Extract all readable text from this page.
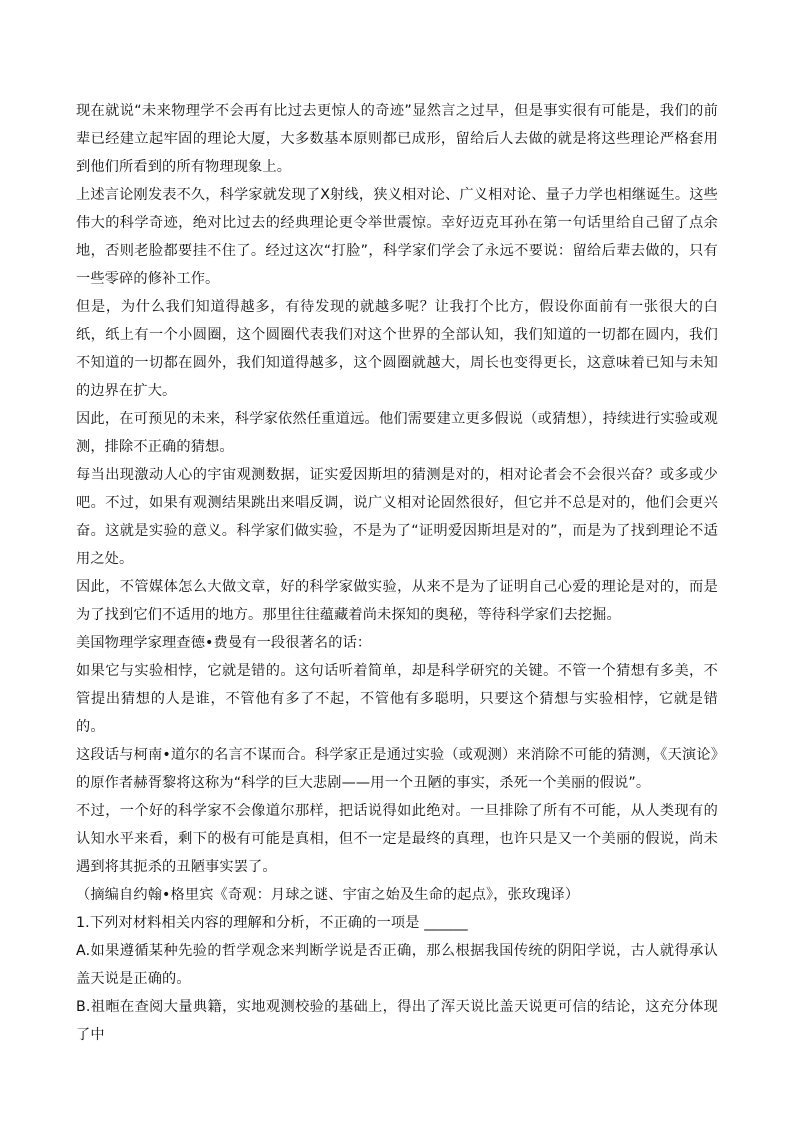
现在就说“未来物理学不会再有比过去更惊人的奇迹”显然言之过早，但是事实很有可能是，我们的前辈已经建立起牢固的理论大厦，大多数基本原则都已成形，留给后人去做的就是将这些理论严格套用到他们所看到的所有物理现象上。

上述言论刚发表不久，科学家就发现了X射线，狭义相对论、广义相对论、量子力学也相继诞生。这些伟大的科学奇迹，绝对比过去的经典理论更令举世震惊。幸好迈克耳孙在第一句话里给自己留了点余地，否则老脸都要挂不住了。经过这次“打脸”，科学家们学会了永远不要说：留给后辈去做的，只有一些零碎的修补工作。

但是，为什么我们知道得越多，有待发现的就越多呢？让我打个比方，假设你面前有一张很大的白纸，纸上有一个小圆圈，这个圆圈代表我们对这个世界的全部认知，我们知道的一切都在圆内，我们不知道的一切都在圆外，我们知道得越多，这个圆圈就越大，周长也变得更长，这意味着已知与未知的边界在扩大。

因此，在可预见的未来，科学家依然任重道远。他们需要建立更多假说（或猜想），持续进行实验或观测，排除不正确的猜想。

每当出现激动人心的宇宙观测数据，证实爱因斯坦的猜测是对的，相对论者会不会很兴奋？或多或少吧。不过，如果有观测结果跳出来唱反调，说广义相对论固然很好，但它并不总是对的，他们会更兴奋。这就是实验的意义。科学家们做实验，不是为了“证明爱因斯坦是对的”，而是为了找到理论不适用之处。

因此，不管媒体怎么大做文章，好的科学家做实验，从来不是为了证明自己心爱的理论是对的，而是为了找到它们不适用的地方。那里往往蕴藏着尚未探知的奥秘，等待科学家们去挖掘。

美国物理学家理查德•费曼有一段很著名的话：

如果它与实验相悖，它就是错的。这句话听着简单，却是科学研究的关键。不管一个猜想有多美，不管提出猜想的人是谁，不管他有多了不起，不管他有多聪明，只要这个猜想与实验相悖，它就是错的。

这段话与柯南•道尔的名言不谋而合。科学家正是通过实验（或观测）来消除不可能的猜测，《天演论》的原作者赫胥黎将这称为“科学的巨大悲剧——用一个丑陋的事实，杀死一个美丽的假说”。

不过，一个好的科学家不会像道尔那样，把话说得如此绝对。一旦排除了所有不可能，从人类现有的认知水平来看，剩下的极有可能是真相，但不一定是最终的真理，也许只是又一个美丽的假说，尚未遇到将其扼杀的丑陋事实罢了。

（摘编自约翰•格里宾《奇观：月球之谜、宇宙之始及生命的起点》，张玫瑰译）

1.下列对材料相关内容的理解和分析，不正确的一项是 ______

A.如果遵循某种先验的哲学观念来判断学说是否正确，那么根据我国传统的阴阳学说，古人就得承认盖天说是正确的。

B.祖暅在查阅大量典籍，实地观测校验的基础上，得出了浑天说比盖天说更可信的结论，这充分体现了中
